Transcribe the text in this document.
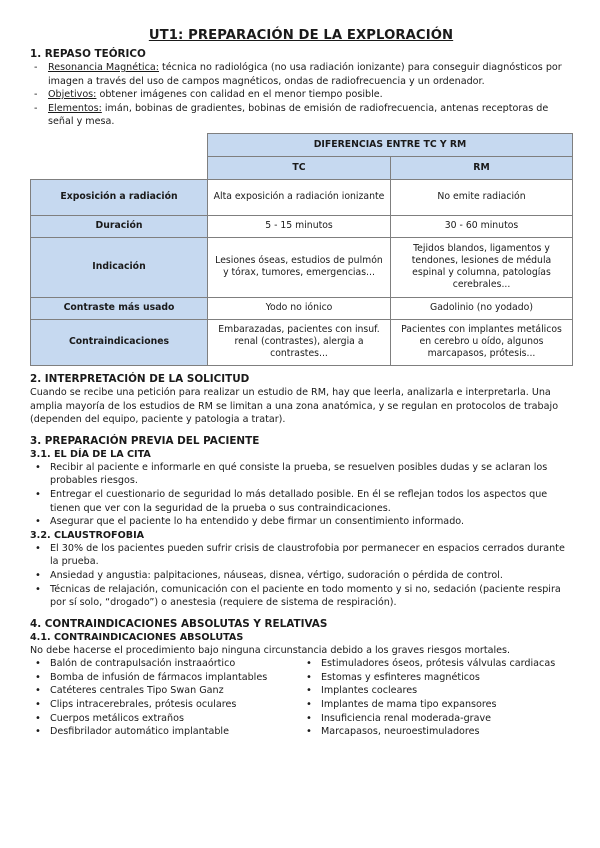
UT1: PREPARACIÓN DE LA EXPLORACIÓN
1. REPASO TEÓRICO
- Resonancia Magnética: técnica no radiológica (no usa radiación ionizante) para conseguir diagnósticos por imagen a través del uso de campos magnéticos, ondas de radiofrecuencia y un ordenador.
- Objetivos: obtener imágenes con calidad en el menor tiempo posible.
- Elementos: imán, bobinas de gradientes, bobinas de emisión de radiofrecuencia, antenas receptoras de señal y mesa.
	DIFERENCIAS ENTRE TC Y RM	
	TC	RM
Exposición a radiación	Alta exposición a radiación ionizante	No emite radiación
Duración	5 - 15 minutos	30 - 60 minutos
Indicación	Lesiones óseas, estudios de pulmón y tórax, tumores, emergencias...	Tejidos blandos, ligamentos y tendones, lesiones de médula espinal y columna, patologías cerebrales...
Contraste más usado	Yodo no iónico	Gadolinio (no yodado)
Contraindicaciones	Embarazadas, pacientes con insuf. renal (contrastes), alergia a contrastes...	Pacientes con implantes metálicos en cerebro u oído, algunos marcapasos, prótesis...
2. INTERPRETACIÓN DE LA SOLICITUD

Cuando se recibe una petición para realizar un estudio de RM, hay que leerla, analizarla e interpretarla. Una amplia mayoría de los estudios de RM se limitan a una zona anatómica, y se regulan en protocolos de trabajo (dependen del equipo, paciente y patologia a tratar).

3. PREPARACIÓN PREVIA DEL PACIENTE
3.1. EL DÍA DE LA CITA
• Recibir al paciente e informarle en qué consiste la prueba, se resuelven posibles dudas y se aclaran los probables riesgos.
• Entregar el cuestionario de seguridad lo más detallado posible. En él se reflejan todos los aspectos que tienen que ver con la seguridad de la prueba o sus contraindicaciones.
• Asegurar que el paciente lo ha entendido y debe firmar un consentimiento informado.
3.2. CLAUSTROFOBIA
• El 30% de los pacientes pueden sufrir crisis de claustrofobia por permanecer en espacios cerrados durante la prueba.
• Ansiedad y angustia: palpitaciones, náuseas, disnea, vértigo, sudoración o pérdida de control.
• Técnicas de relajación, comunicación con el paciente en todo momento y si no, sedación (paciente respira por sí solo, “drogado”) o anestesia (requiere de sistema de respiración).
4. CONTRAINDICACIONES ABSOLUTAS Y RELATIVAS
4.1. CONTRAINDICACIONES ABSOLUTAS

No debe hacerse el procedimiento bajo ninguna circunstancia debido a los graves riesgos mortales.

• Balón de contrapulsación instraaórtico
• Bomba de infusión de fármacos implantables
• Catéteres centrales Tipo Swan Ganz
• Clips intracerebrales, prótesis oculares
• Cuerpos metálicos extraños
• Desfibrilador automático implantable
• Estimuladores óseos, prótesis válvulas cardiacas
• Estomas y esfinteres magnéticos
• Implantes cocleares
• Implantes de mama tipo expansores
• Insuficiencia renal moderada-grave
• Marcapasos, neuroestimuladores
